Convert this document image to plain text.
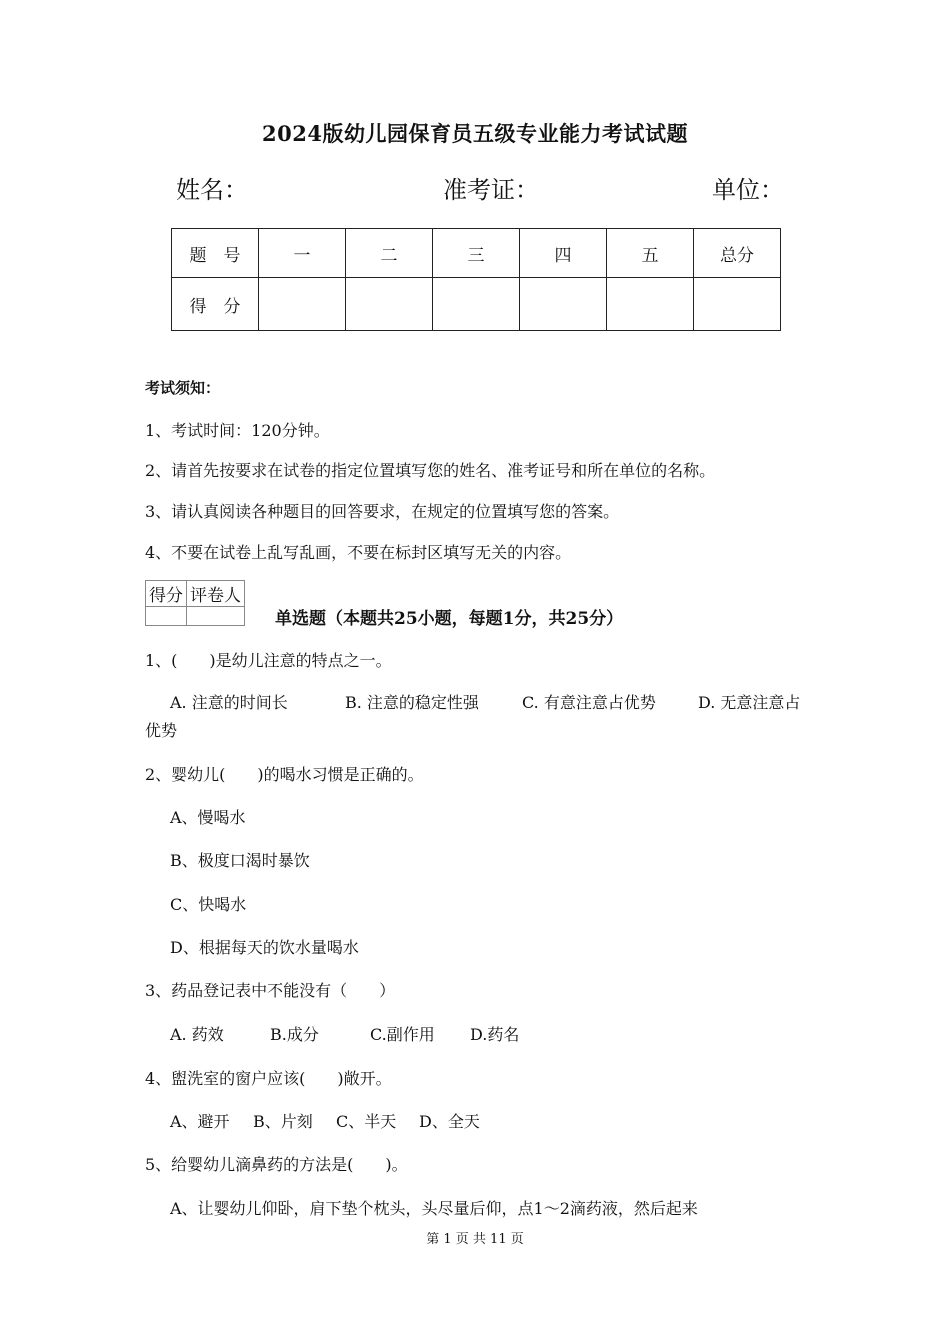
2024版幼儿园保育员五级专业能力考试试题
姓名：	准考证：	单位：
题　号	一	二	三	四	五	总分
得　分						
考试须知：
1、考试时间：120分钟。
2、请首先按要求在试卷的指定位置填写您的姓名、准考证号和所在单位的名称。
3、请认真阅读各种题目的回答要求，在规定的位置填写您的答案。
4、不要在试卷上乱写乱画，不要在标封区填写无关的内容。
得分	评卷人

单选题（本题共25小题，每题1分，共25分）
1、(　　)是幼儿注意的特点之一。
A. 注意的时间长	B. 注意的稳定性强	C. 有意注意占优势	D. 无意注意占
优势
2、婴幼儿(　　)的喝水习惯是正确的。
A、慢喝水
B、极度口渴时暴饮
C、快喝水
D、根据每天的饮水量喝水
3、药品登记表中不能没有（　　）
A. 药效	B.成分	C.副作用 D.药名
4、盥洗室的窗户应该(　　)敞开。
A、避开 B、片刻 C、半天 D、全天
5、给婴幼儿滴鼻药的方法是(　　)。
A、让婴幼儿仰卧，肩下垫个枕头，头尽量后仰，点1～2滴药液，然后起来
第 1 页 共 11 页
